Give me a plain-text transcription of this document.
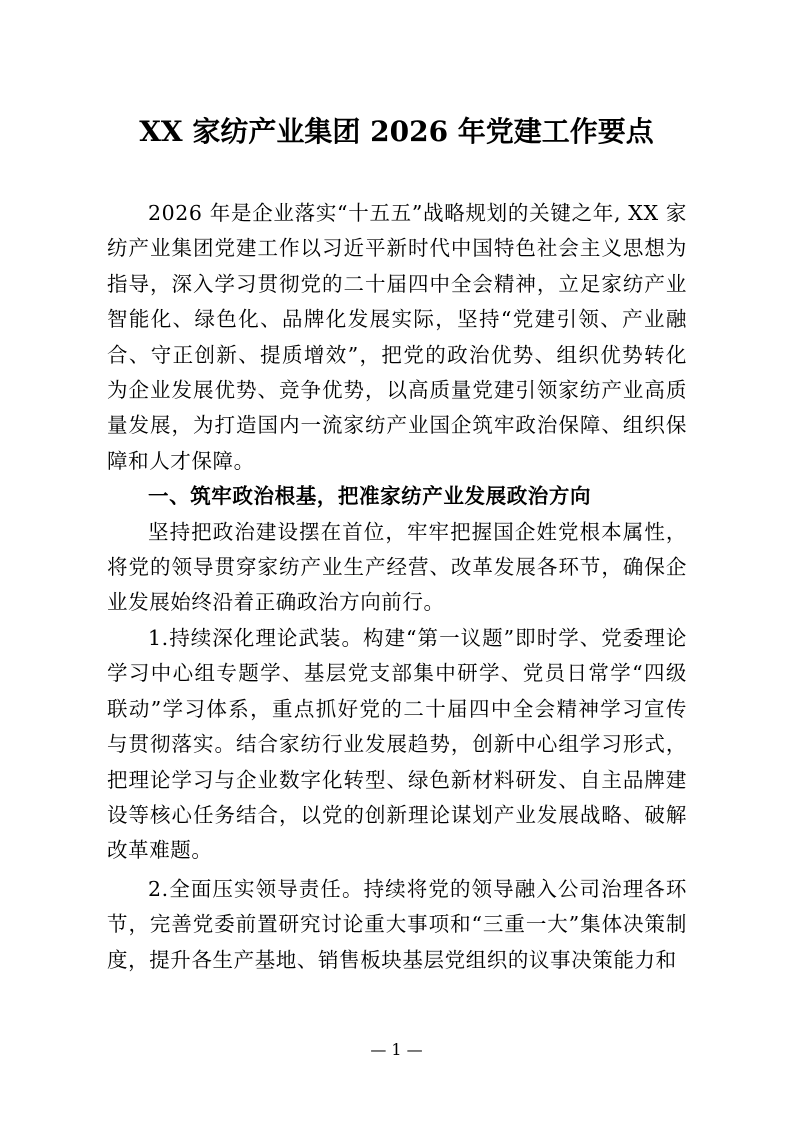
XX 家纺产业集团 2026 年党建工作要点

2026 年是企业落实“十五五”战略规划的关键之年, XX 家纺产业集团党建工作以习近平新时代中国特色社会主义思想为指导，深入学习贯彻党的二十届四中全会精神，立足家纺产业智能化、绿色化、品牌化发展实际，坚持“党建引领、产业融合、守正创新、提质增效”，把党的政治优势、组织优势转化为企业发展优势、竞争优势，以高质量党建引领家纺产业高质量发展，为打造国内一流家纺产业国企筑牢政治保障、组织保障和人才保障。

一、筑牢政治根基，把准家纺产业发展政治方向

坚持把政治建设摆在首位，牢牢把握国企姓党根本属性，将党的领导贯穿家纺产业生产经营、改革发展各环节，确保企业发展始终沿着正确政治方向前行。

1.持续深化理论武装。构建“第一议题”即时学、党委理论学习中心组专题学、基层党支部集中研学、党员日常学“四级联动”学习体系，重点抓好党的二十届四中全会精神学习宣传与贯彻落实。结合家纺行业发展趋势，创新中心组学习形式，把理论学习与企业数字化转型、绿色新材料研发、自主品牌建设等核心任务结合，以党的创新理论谋划产业发展战略、破解改革难题。

2.全面压实领导责任。持续将党的领导融入公司治理各环节，完善党委前置研究讨论重大事项和“三重一大”集体决策制度，提升各生产基地、销售板块基层党组织的议事决策能力和

— 1 —
